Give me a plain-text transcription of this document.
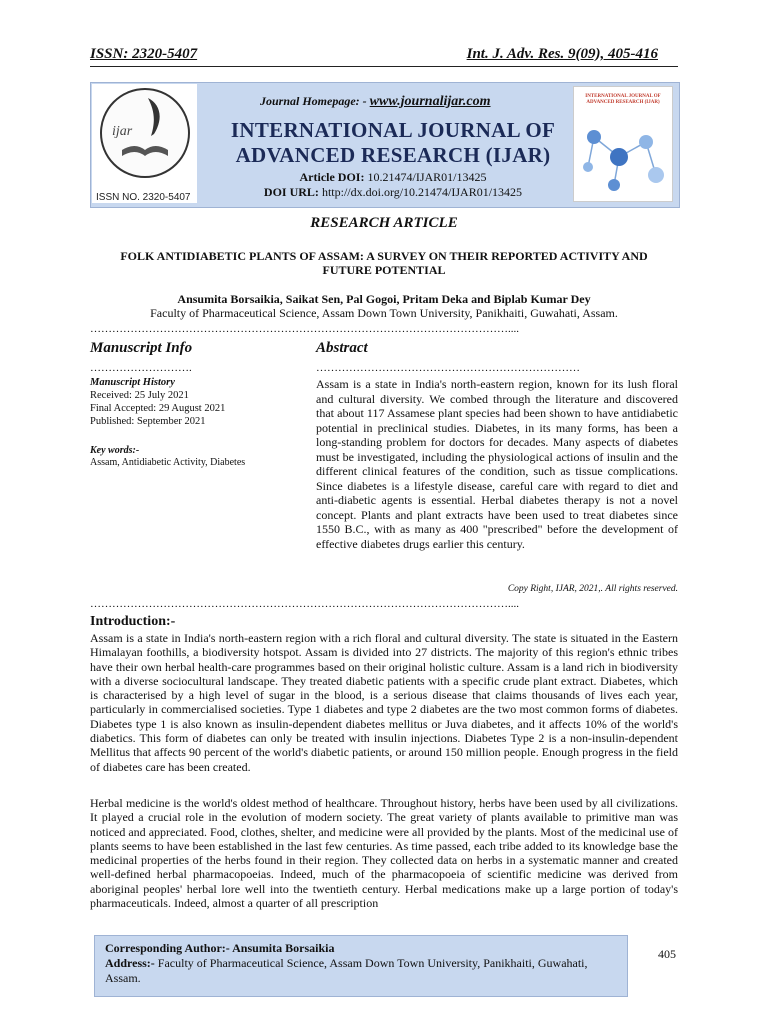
ISSN: 2320-5407	Int. J. Adv. Res. 9(09), 405-416
ijar
ISSN NO. 2320-5407
Journal Homepage: - www.journalijar.com
INTERNATIONAL JOURNAL OF
ADVANCED RESEARCH (IJAR)
Article DOI: 10.21474/IJAR01/13425
DOI URL: http://dx.doi.org/10.21474/IJAR01/13425
INTERNATIONAL JOURNAL OF ADVANCED RESEARCH (IJAR)
RESEARCH ARTICLE
FOLK ANTIDIABETIC PLANTS OF ASSAM: A SURVEY ON THEIR REPORTED ACTIVITY AND
FUTURE POTENTIAL
Ansumita Borsaikia, Saikat Sen, Pal Gogoi, Pritam Deka and Biplab Kumar Dey
Faculty of Pharmaceutical Science, Assam Down Town University, Panikhaiti, Guwahati, Assam.
……………………………………………………………………………………………………....
Manuscript Info	Abstract
……………………….	………………………………………………………………
Manuscript History
Received: 25 July 2021
Final Accepted: 29 August 2021
Published: September 2021
Key words:-
Assam, Antidiabetic Activity, Diabetes
Assam is a state in India's north-eastern region, known for its lush floral and cultural diversity. We combed through the literature and discovered that about 117 Assamese plant species had been shown to have antidiabetic potential in preclinical studies. Diabetes, in its many forms, has been a long-standing problem for doctors for decades. Many aspects of diabetes must be investigated, including the physiological actions of insulin and the different clinical features of the condition, such as tissue complications. Since diabetes is a lifestyle disease, careful care with regard to diet and anti-diabetic agents is essential. Herbal diabetes therapy is not a novel concept. Plants and plant extracts have been used to treat diabetes since 1550 B.C., with as many as 400 "prescribed" before the development of effective diabetes drugs earlier this century.
Copy Right, IJAR, 2021,. All rights reserved.
……………………………………………………………………………………………………....
Introduction:-
Assam is a state in India's north-eastern region with a rich floral and cultural diversity. The state is situated in the Eastern Himalayan foothills, a biodiversity hotspot. Assam is divided into 27 districts. The majority of this region's ethnic tribes have their own herbal health-care programmes based on their original holistic culture. Assam is a land rich in biodiversity with a diverse sociocultural landscape. They treated diabetic patients with a specific crude plant extract. Diabetes, which is characterised by a high level of sugar in the blood, is a serious disease that claims thousands of lives each year, particularly in commercialised societies. Type 1 diabetes and type 2 diabetes are the two most common forms of diabetes. Diabetes type 1 is also known as insulin-dependent diabetes mellitus or Juva diabetes, and it affects 10% of the world's diabetics. This form of diabetes can only be treated with insulin injections. Diabetes Type 2 is a non-insulin-dependent Mellitus that affects 90 percent of the world's diabetic patients, or around 150 million people. Enough progress in the field of diabetes care has been created.
Herbal medicine is the world's oldest method of healthcare. Throughout history, herbs have been used by all civilizations. It played a crucial role in the evolution of modern society. The great variety of plants available to primitive man was noticed and appreciated. Food, clothes, shelter, and medicine were all provided by the plants. Most of the medicinal use of plants seems to have been established in the last few centuries. As time passed, each tribe added to its knowledge base the medicinal properties of the herbs found in their region. They collected data on herbs in a systematic manner and created well-defined herbal pharmacopoeias. Indeed, much of the pharmacopoeia of scientific medicine was derived from aboriginal peoples' herbal lore well into the twentieth century. Herbal medications make up a large portion of today's pharmaceuticals. Indeed, almost a quarter of all prescription
Corresponding Author:- Ansumita Borsaikia
Address:- Faculty of Pharmaceutical Science, Assam Down Town University, Panikhaiti, Guwahati, Assam.
405
